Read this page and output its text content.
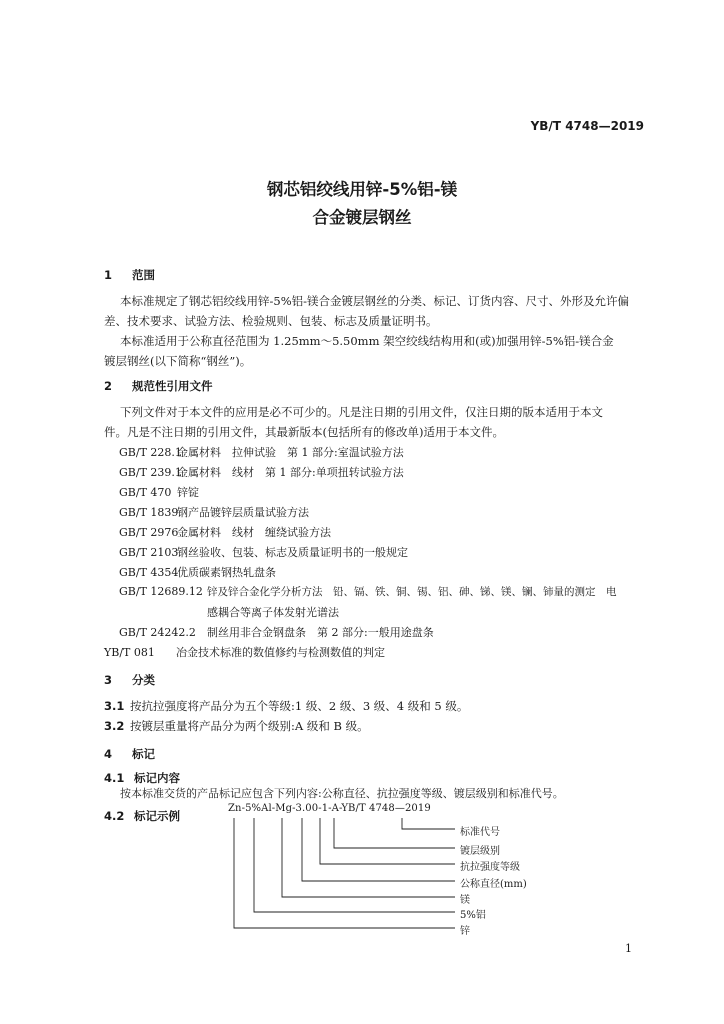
YB/T 4748—2019
钢芯铝绞线用锌-5%铝-镁
合金镀层钢丝
1 范围
本标准规定了钢芯铝绞线用锌-5%铝-镁合金镀层钢丝的分类、标记、订货内容、尺寸、外形及允许偏
差、技术要求、试验方法、检验规则、包装、标志及质量证明书。
本标准适用于公称直径范围为 1.25mm～5.50mm 架空绞线结构用和(或)加强用锌-5%铝-镁合金
镀层钢丝(以下简称“钢丝”)。
2 规范性引用文件
下列文件对于本文件的应用是必不可少的。凡是注日期的引用文件，仅注日期的版本适用于本文
件。凡是不注日期的引用文件，其最新版本(包括所有的修改单)适用于本文件。
GB/T 228.1金属材料　拉伸试验　第 1 部分:室温试验方法
GB/T 239.1金属材料　线材　第 1 部分:单项扭转试验方法
GB/T 470 锌锭
GB/T 1839钢产品镀锌层质量试验方法
GB/T 2976金属材料　线材　缠绕试验方法
GB/T 2103钢丝验收、包装、标志及质量证明书的一般规定
GB/T 4354优质碳素钢热轧盘条
GB/T 12689.12 锌及锌合金化学分析方法　铅、镉、铁、铜、锡、铝、砷、锑、镁、镧、铈量的测定　电
感耦合等离子体发射光谱法
GB/T 24242.2 制丝用非合金钢盘条　第 2 部分:一般用途盘条
YB/T 081 冶金技术标准的数值修约与检测数值的判定
3 分类
3.1 按抗拉强度将产品分为五个等级:1 级、2 级、3 级、4 级和 5 级。
3.2 按镀层重量将产品分为两个级别:A 级和 B 级。
4 标记
4.1 标记内容
按本标准交货的产品标记应包含下列内容:公称直径、抗拉强度等级、镀层级别和标准代号。
4.2 标记示例
Zn-5%Al-Mg-3.00-1-A-YB/T 4748—2019
标准代号
镀层级别
抗拉强度等级
公称直径(mm)
镁
5%铝
锌
1
